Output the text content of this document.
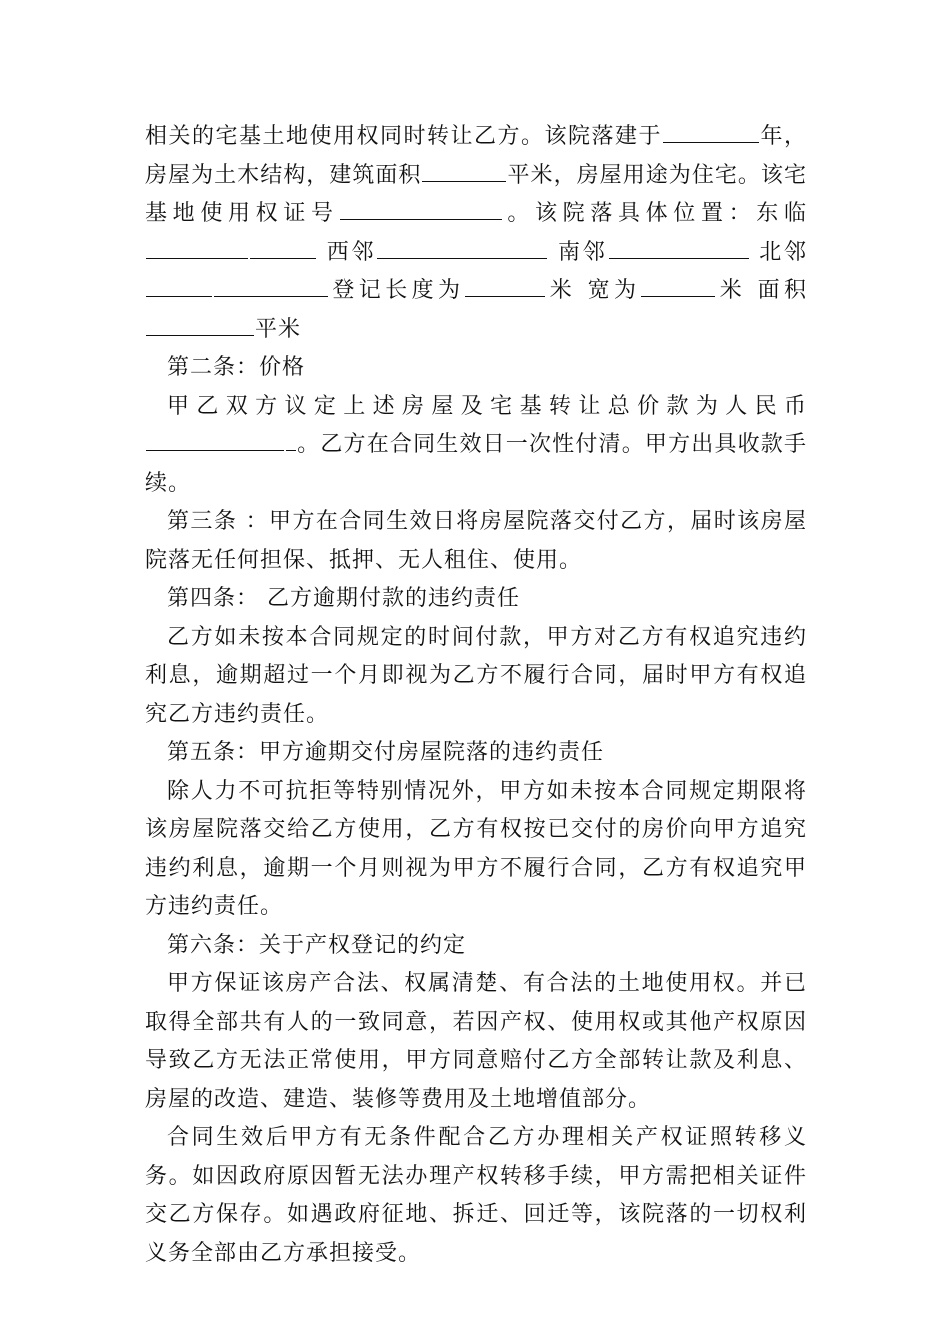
相关的宅基土地使用权同时转让乙方。该院落建于	年，房屋为土木结构，建筑面积	平米，房屋用途为住宅。该宅基地使用权证号	。该院落具体位置：东临 西邻	南邻	北邻登记长度为	米 宽为	米 面积平米

第二条：价格

甲乙双方议定上述房屋及宅基转让总价款为人民币。乙方在合同生效日一次性付清。甲方出具收款手续。

第三条 ：甲方在合同生效日将房屋院落交付乙方，届时该房屋院落无任何担保、抵押、无人租住、使用。

第四条： 乙方逾期付款的违约责任

乙方如未按本合同规定的时间付款，甲方对乙方有权追究违约利息，逾期超过一个月即视为乙方不履行合同，届时甲方有权追究乙方违约责任。

第五条：甲方逾期交付房屋院落的违约责任

除人力不可抗拒等特别情况外，甲方如未按本合同规定期限将该房屋院落交给乙方使用，乙方有权按已交付的房价向甲方追究违约利息，逾期一个月则视为甲方不履行合同，乙方有权追究甲方违约责任。

第六条：关于产权登记的约定

甲方保证该房产合法、权属清楚、有合法的土地使用权。并已取得全部共有人的一致同意，若因产权、使用权或其他产权原因导致乙方无法正常使用，甲方同意赔付乙方全部转让款及利息、房屋的改造、建造、装修等费用及土地增值部分。

合同生效后甲方有无条件配合乙方办理相关产权证照转移义务。如因政府原因暂无法办理产权转移手续，甲方需把相关证件交乙方保存。如遇政府征地、拆迁、回迁等，该院落的一切权利义务全部由乙方承担接受。
